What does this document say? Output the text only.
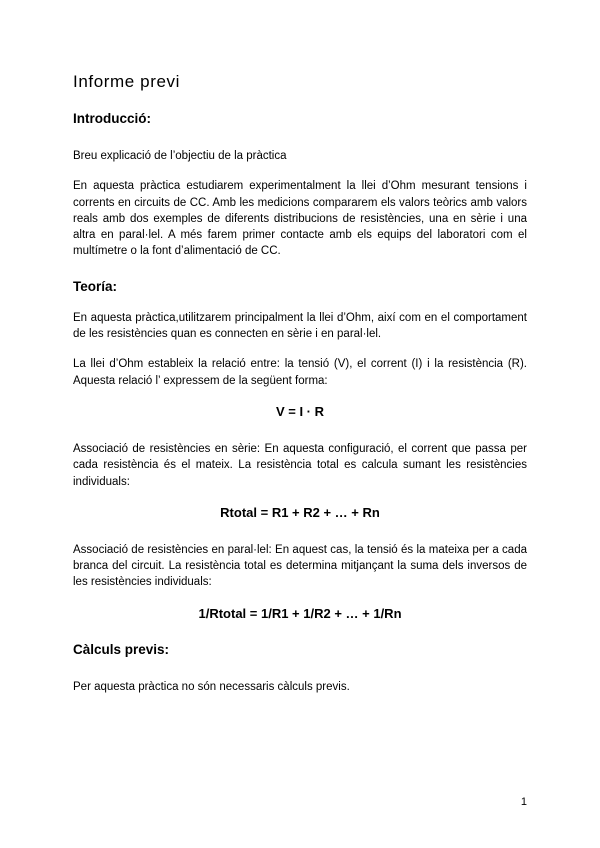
Informe previ
Introducció:

Breu explicació de l’objectiu de la pràctica

En aquesta pràctica estudiarem experimentalment la llei d’Ohm mesurant tensions i corrents en circuits de CC. Amb les medicions compararem els valors teòrics amb valors reals amb dos exemples de diferents distribucions de resistències, una en sèrie i una altra en paral·lel. A més farem primer contacte amb els equips del laboratori com el multímetre o la font d’alimentació de CC.

Teoría:

En aquesta pràctica,utilitzarem principalment la llei d’Ohm, així com en el comportament de les resistències quan es connecten en sèrie i en paral·lel.

La llei d’Ohm estableix la relació entre: la tensió (V), el corrent (I) i la resistència (R). Aquesta relació l’ expressem de la següent forma:

V = I · R

Associació de resistències en sèrie: En aquesta configuració, el corrent que passa per cada resistència és el mateix. La resistència total es calcula sumant les resistències individuals:

Rtotal = R1 + R2 + … + Rn

Associació de resistències en paral·lel: En aquest cas, la tensió és la mateixa per a cada branca del circuit. La resistència total es determina mitjançant la suma dels inversos de les resistències individuals:

1/Rtotal = 1/R1 + 1/R2 + … + 1/Rn
Càlculs previs:

Per aquesta pràctica no són necessaris càlculs previs.

1
